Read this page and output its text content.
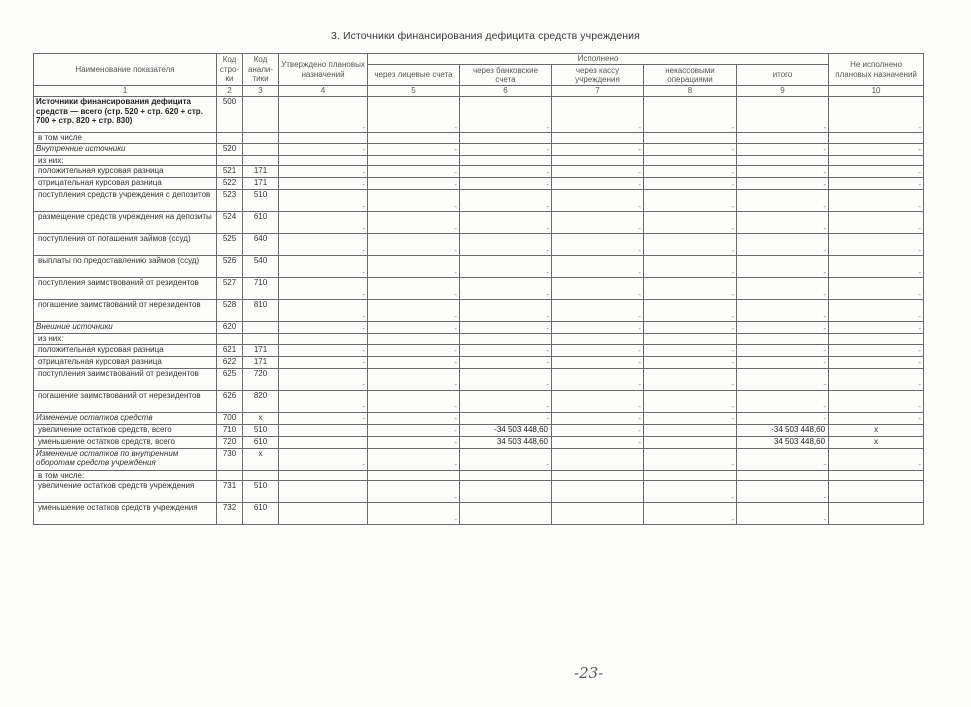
3. Источники финансирования дефицита средств учреждения
Наименование показателя	Код стро-ки	Код анали-тики	Утверждено плановых назначений	Исполнено					Не исполнено плановых назначений
				через лицевые счета	через банковские счета	через кассу учреждения	некассовыми операциями	итого	
1	2	3	4	5	6	7	8	9	10
Источники финансирования дефицита средств — всего (стр. 520 + стр. 620 + стр. 700 + стр. 820 + стр. 830)	500		-	-	-	-	-	-	-
в том числе									
Внутренние источники	520		-	-	-	-	-	-	-
из них:									
положительная курсовая разница	521	171	-	-	-	-	-	-	-
отрицательная курсовая разница	522	171	-	-	-	-	-	-	-
поступления средств учреждения с депозитов	523	510	-	-	-	-	-	-	-
размещение средств учреждения на депозиты	524	610	-	-	-	-	-	-	-
поступления от погашения займов (ссуд)	525	640	-	-	-	-	-	-	-
выплаты по предоставлению займов (ссуд)	526	540	-	-	-	-	-	-	-
поступления заимствований от резидентов	527	710	-	-	-	-	-	-	-
погашение заимствований от нерезидентов	528	810	-	-	-	-	-	-	-
Внешние источники	620		-	-	-	-	-	-	-
из них:									
положительная курсовая разница	621	171	-	-	-	-	-	-	-
отрицательная курсовая разница	622	171	-	-	-	-	-	-	-
поступления заимствований от резидентов	625	720	-	-	-	-	-	-	-
погашение заимствований от нерезидентов	626	820	-	-	-	-	-	-	-
Изменение остатков средств	700	х	-	-	-	-	-	-	-
увеличение остатков средств, всего	710	510		-	-34 503 448,60	-		-34 503 448,60	х
уменьшение остатков средств, всего	720	610		-	34 503 448,60	-		34 503 448,60	х
Изменение остатков по внутренним оборотам средств учреждения	730	х	-	-	-		-	-	-
в том числе:									
увеличение остатков средств учреждения	731	510		-			-	-	
уменьшение остатков средств учреждения	732	610		-			-	-	
-23-
